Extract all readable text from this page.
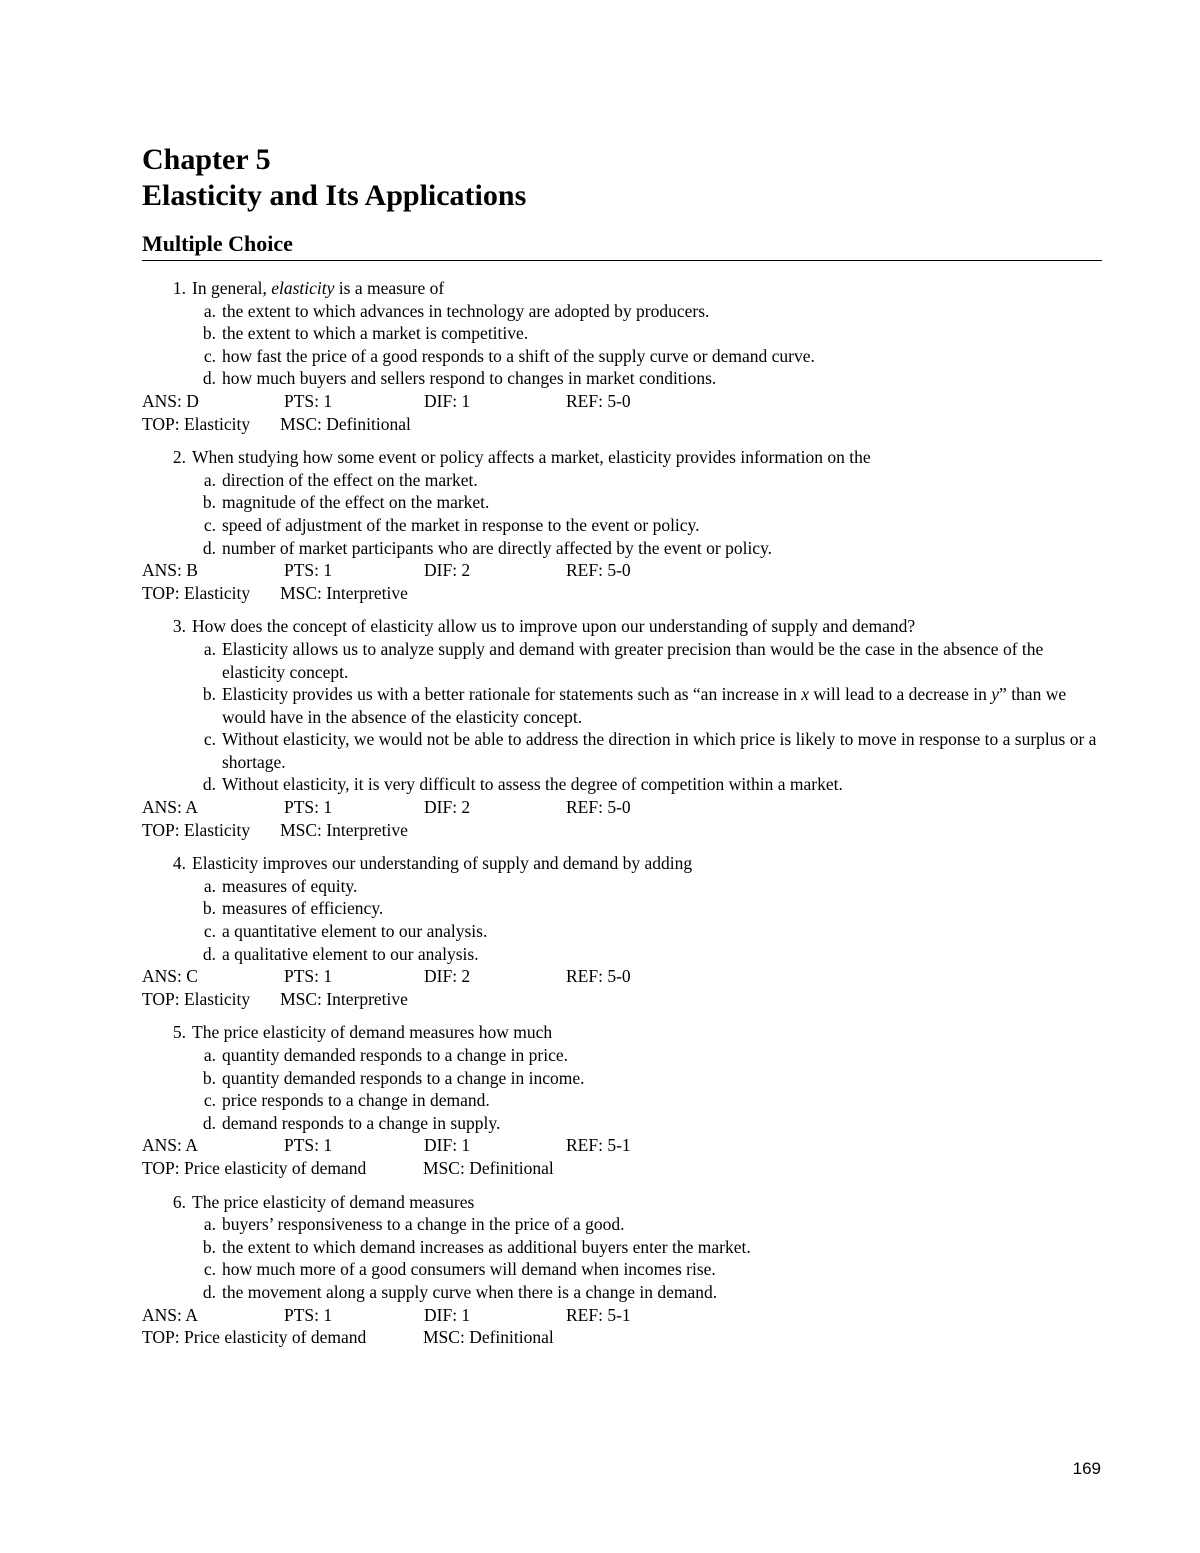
Chapter 5
Elasticity and Its Applications
Multiple Choice
1. In general, elasticity is a measure of
a. the extent to which advances in technology are adopted by producers.
b. the extent to which a market is competitive.
c. how fast the price of a good responds to a shift of the supply curve or demand curve.
d. how much buyers and sellers respond to changes in market conditions.
ANS: D	PTS: 1	DIF: 1	REF: 5-0
TOP: Elasticity	MSC: Definitional
2. When studying how some event or policy affects a market, elasticity provides information on the
a. direction of the effect on the market.
b. magnitude of the effect on the market.
c. speed of adjustment of the market in response to the event or policy.
d. number of market participants who are directly affected by the event or policy.
ANS: B	PTS: 1	DIF: 2	REF: 5-0
TOP: Elasticity	MSC: Interpretive
3. How does the concept of elasticity allow us to improve upon our understanding of supply and demand?
a. Elasticity allows us to analyze supply and demand with greater precision than would be the case in the absence of the elasticity concept.
b. Elasticity provides us with a better rationale for statements such as “an increase in x will lead to a decrease in y” than we would have in the absence of the elasticity concept.
c. Without elasticity, we would not be able to address the direction in which price is likely to move in response to a surplus or a shortage.
d. Without elasticity, it is very difficult to assess the degree of competition within a market.
ANS: A	PTS: 1	DIF: 2	REF: 5-0
TOP: Elasticity	MSC: Interpretive
4. Elasticity improves our understanding of supply and demand by adding
a. measures of equity.
b. measures of efficiency.
c. a quantitative element to our analysis.
d. a qualitative element to our analysis.
ANS: C	PTS: 1	DIF: 2	REF: 5-0
TOP: Elasticity	MSC: Interpretive
5. The price elasticity of demand measures how much
a. quantity demanded responds to a change in price.
b. quantity demanded responds to a change in income.
c. price responds to a change in demand.
d. demand responds to a change in supply.
ANS: A	PTS: 1	DIF: 1	REF: 5-1
TOP: Price elasticity of demand	MSC: Definitional
6. The price elasticity of demand measures
a. buyers’ responsiveness to a change in the price of a good.
b. the extent to which demand increases as additional buyers enter the market.
c. how much more of a good consumers will demand when incomes rise.
d. the movement along a supply curve when there is a change in demand.
ANS: A	PTS: 1	DIF: 1	REF: 5-1
TOP: Price elasticity of demand	MSC: Definitional
169
